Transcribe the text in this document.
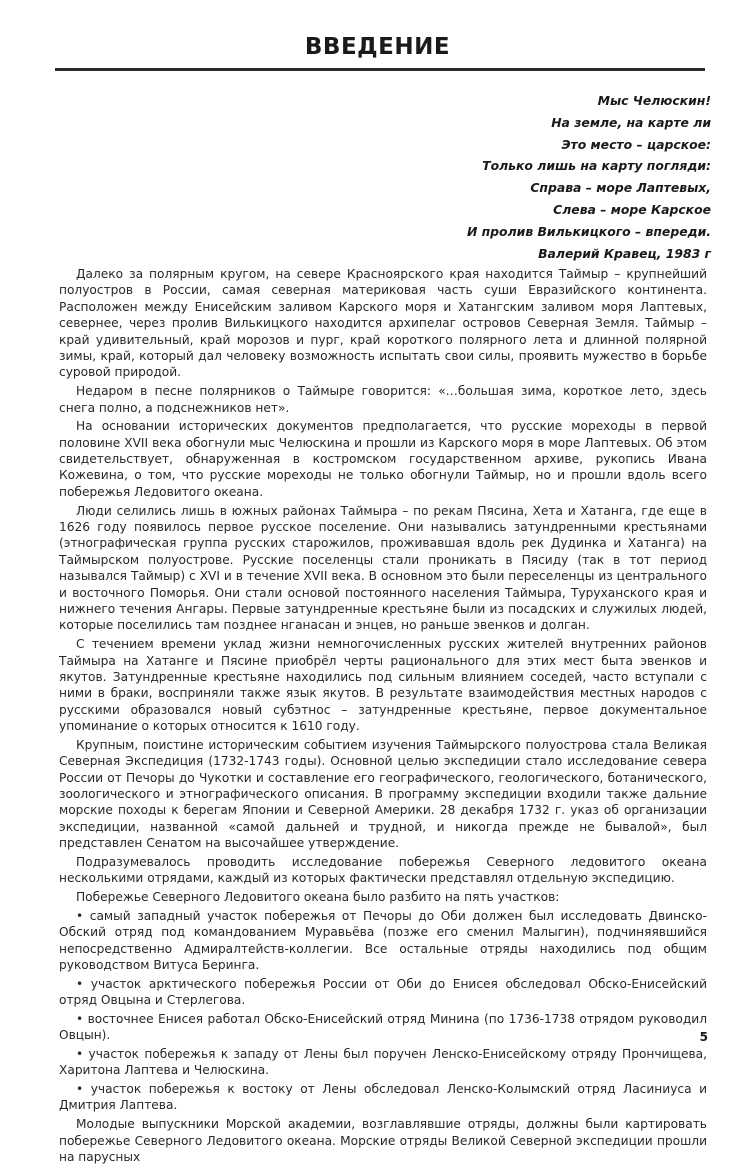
ВВЕДЕНИЕ
Мыс Челюскин!
На земле, на карте ли
Это место – царское:
Только лишь на карту погляди:
Справа – море Лаптевых,
Слева – море Карское
И пролив Вилькицкого – впереди.
Валерий Кравец, 1983 г

Далеко за полярным кругом, на севере Красноярского края находится Таймыр – крупнейший полуостров в России, самая северная материковая часть суши Евразийского континента. Расположен между Енисейским заливом Карского моря и Хатангским заливом моря Лаптевых, севернее, через пролив Вилькицкого находится архипелаг островов Северная Земля. Таймыр – край удивительный, край морозов и пург, край короткого полярного лета и длинной полярной зимы, край, который дал человеку возможность испытать свои силы, проявить мужество в борьбе суровой природой.

Недаром в песне полярников о Таймыре говорится: «…большая зима, короткое лето, здесь снега полно, а подснежников нет».

На основании исторических документов предполагается, что русские мореходы в первой половине XVII века обогнули мыс Челюскина и прошли из Карского моря в море Лаптевых. Об этом свидетельствует, обнаруженная в костромском государственном архиве, рукопись Ивана Кожевина, о том, что русские мореходы не только обогнули Таймыр, но и прошли вдоль всего побережья Ледовитого океана.

Люди селились лишь в южных районах Таймыра – по рекам Пясина, Хета и Хатанга, где еще в 1626 году появилось первое русское поселение. Они назывались затундренными крестьянами (этнографическая группа русских старожилов, проживавшая вдоль рек Дудинка и Хатанга) на Таймырском полуострове. Русские поселенцы стали проникать в Пясиду (так в тот период назывался Таймыр) с XVI и в течение XVII века. В основном это были переселенцы из центрального и восточного Поморья. Они стали основой постоянного населения Таймыра, Туруханского края и нижнего течения Ангары. Первые затундренные крестьяне были из посадских и служилых людей, которые поселились там позднее нганасан и энцев, но раньше эвенков и долган.

С течением времени уклад жизни немногочисленных русских жителей внутренних районов Таймыра на Хатанге и Пясине приобрёл черты рационального для этих мест быта эвенков и якутов. Затундренные крестьяне находились под сильным влиянием соседей, часто вступали с ними в браки, восприняли также язык якутов. В результате взаимодействия местных народов с русскими образовался новый субэтнос – затундренные крестьяне, первое документальное упоминание о которых относится к 1610 году.

Крупным, поистине историческим событием изучения Таймырского полуострова стала Великая Северная Экспедиция (1732-1743 годы). Основной целью экспедиции стало исследование севера России от Печоры до Чукотки и составление его географического, геологического, ботанического, зоологического и этнографического описания. В программу экспедиции входили также дальние морские походы к берегам Японии и Северной Америки. 28 декабря 1732 г. указ об организации экспедиции, названной «самой дальней и трудной, и никогда прежде не бывалой», был представлен Сенатом на высочайшее утверждение.

Подразумевалось проводить исследование побережья Северного ледовитого океана несколькими отрядами, каждый из которых фактически представлял отдельную экспедицию.

Побережье Северного Ледовитого океана было разбито на пять участков:

• самый западный участок побережья от Печоры до Оби должен был исследовать Двинско-Обский отряд под командованием Муравьёва (позже его сменил Малыгин), подчиняявшийся непосредственно Адмиралтейств-коллегии. Все остальные отряды находились под общим руководством Витуса Беринга.

• участок арктического побережья России от Оби до Енисея обследовал Обско-Енисейский отряд Овцына и Стерлегова.

• восточнее Енисея работал Обско-Енисейский отряд Минина (по 1736-1738 отрядом руководил Овцын).

• участок побережья к западу от Лены был поручен Ленско-Енисейскому отряду Прончищева, Харитона Лаптева и Челюскина.

• участок побережья к востоку от Лены обследовал Ленско-Колымский отряд Ласиниуса и Дмитрия Лаптева.

Молодые выпускники Морской академии, возглавлявшие отряды, должны были картировать побережье Северного Ледовитого океана. Морские отряды Великой Северной экспедиции прошли на парусных

5
